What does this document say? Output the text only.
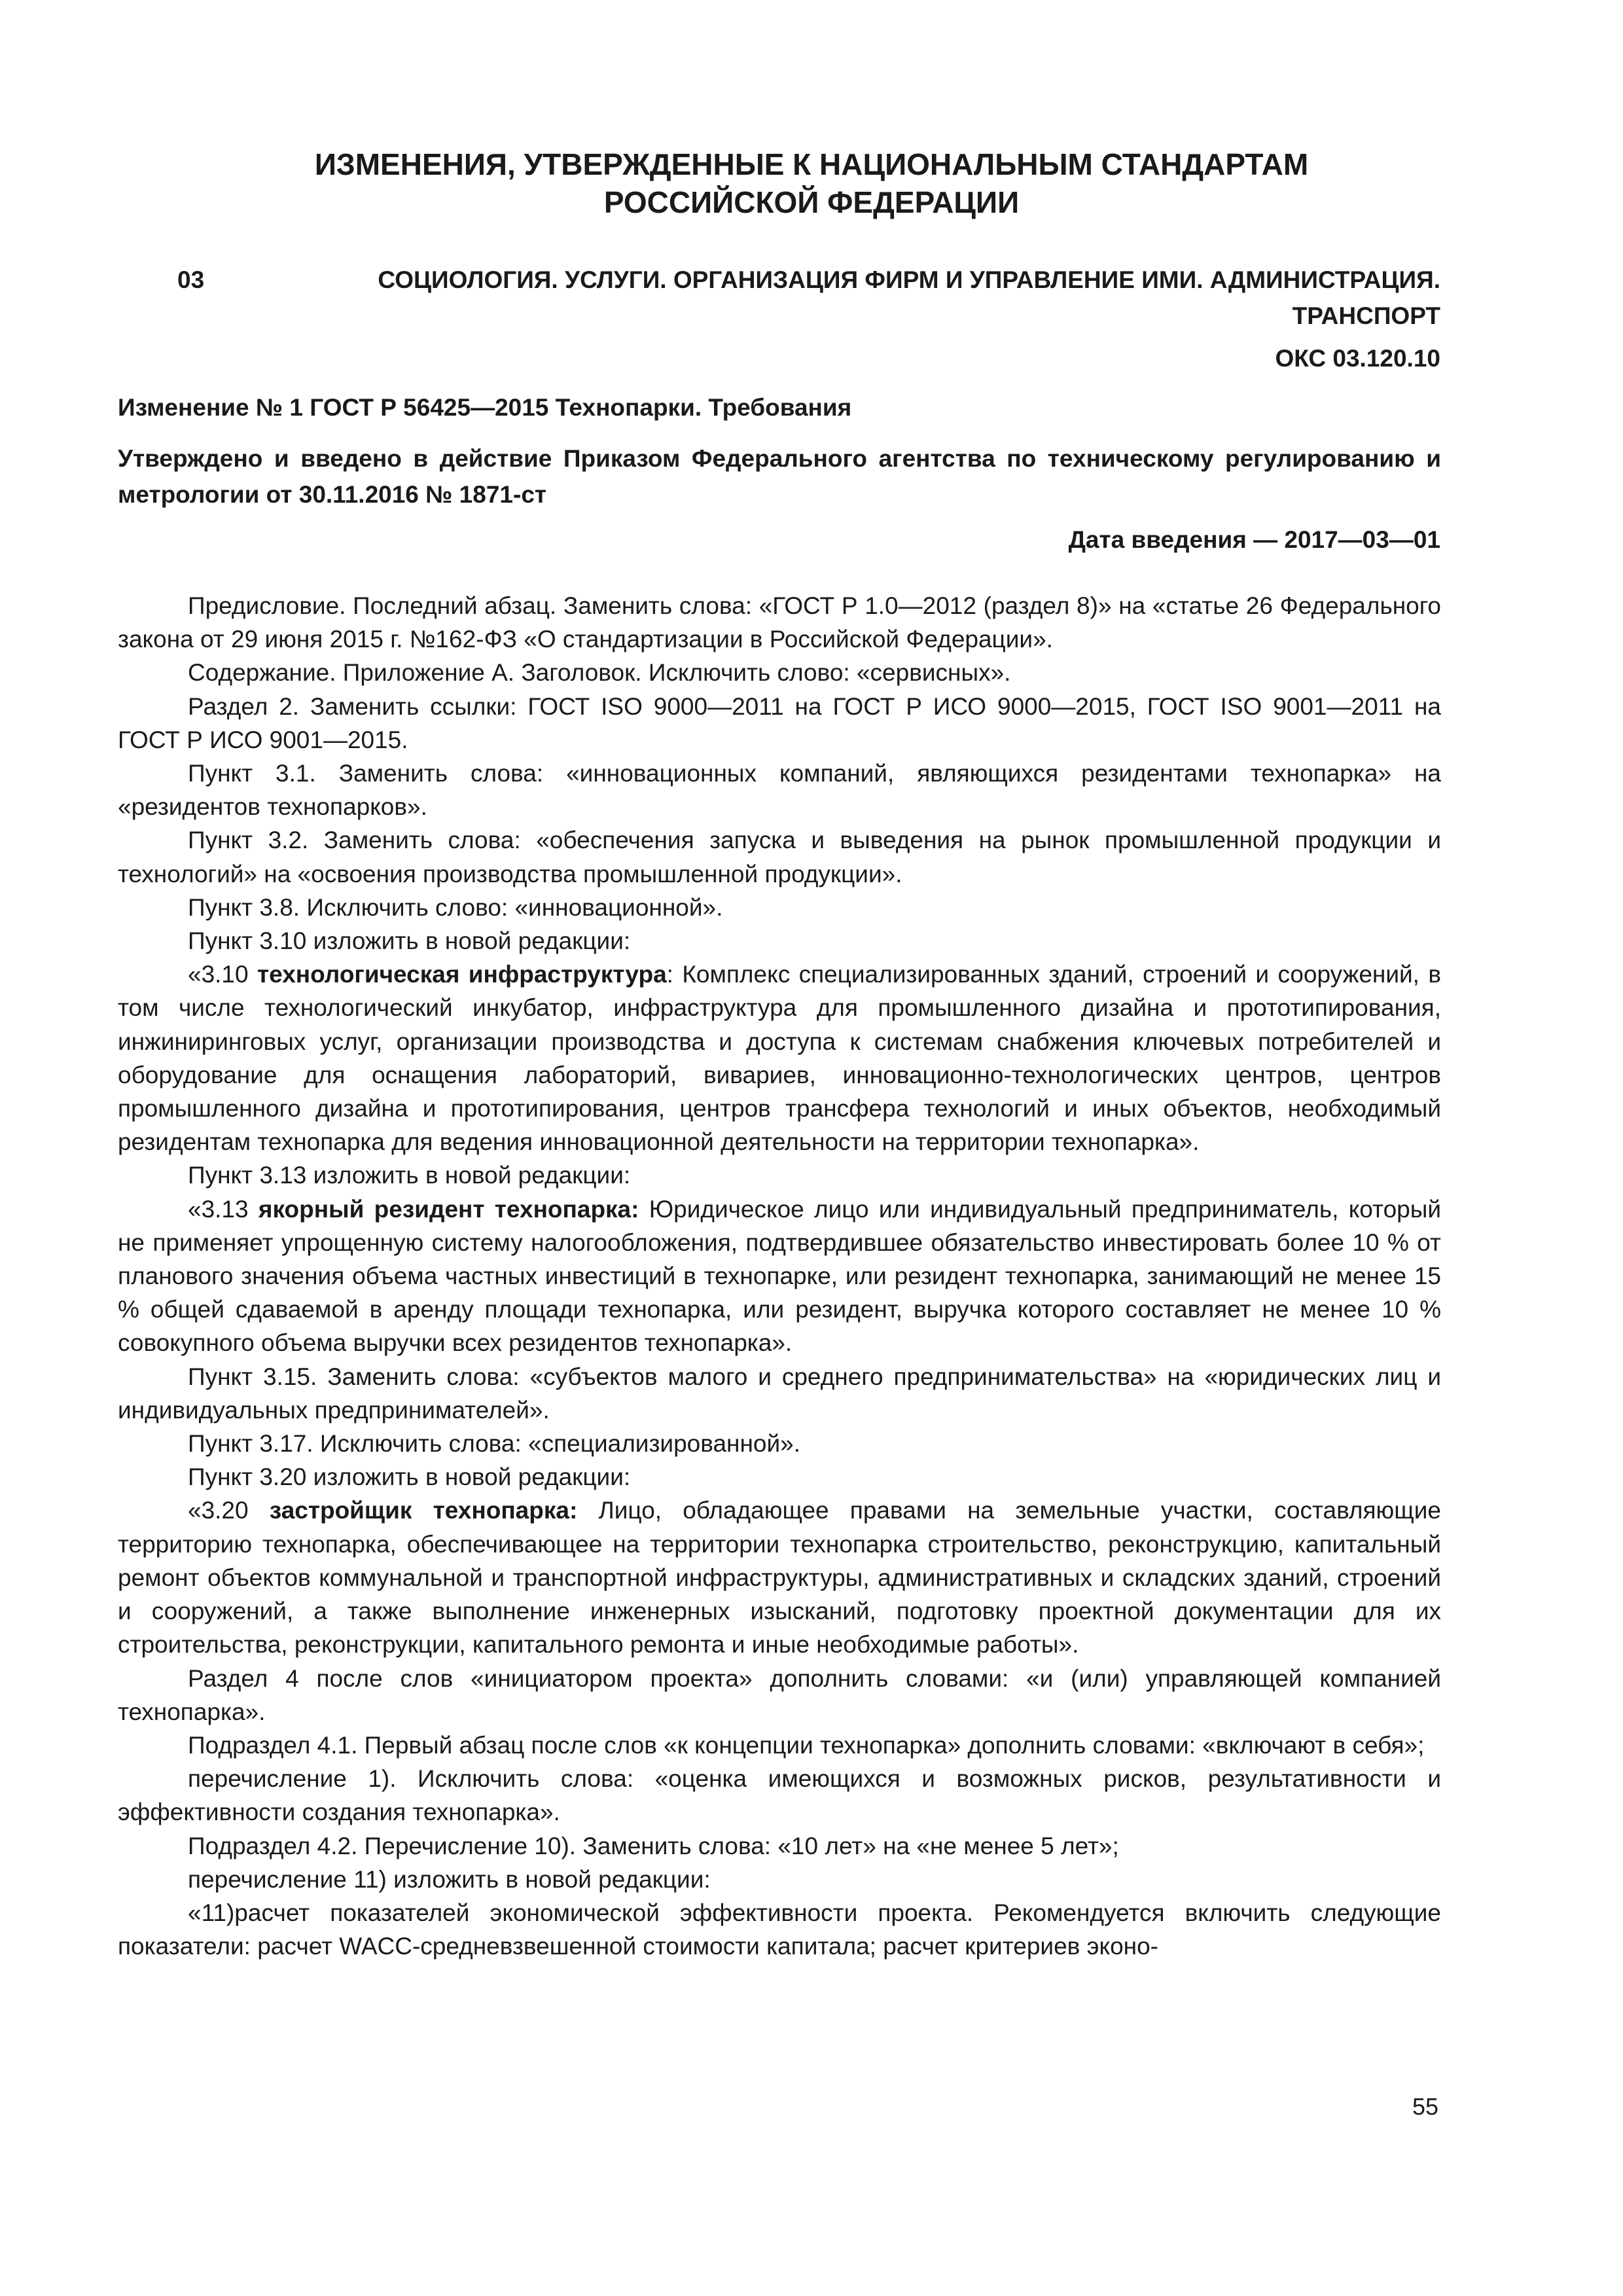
ИЗМЕНЕНИЯ, УТВЕРЖДЕННЫЕ К НАЦИОНАЛЬНЫМ СТАНДАРТАМ
РОССИЙСКОЙ ФЕДЕРАЦИИ
03	СОЦИОЛОГИЯ. УСЛУГИ. ОРГАНИЗАЦИЯ ФИРМ И УПРАВЛЕНИЕ ИМИ. АДМИНИСТРАЦИЯ.
ТРАНСПОРТ
ОКС 03.120.10
Изменение № 1 ГОСТ Р 56425—2015 Технопарки. Требования
Утверждено и введено в действие Приказом Федерального агентства по техническому регулированию и метрологии от 30.11.2016 № 1871-ст
Дата введения — 2017—03—01

Предисловие. Последний абзац. Заменить слова: «ГОСТ Р 1.0—2012 (раздел 8)» на «статье 26 Федерального закона от 29 июня 2015 г. №162-ФЗ «О стандартизации в Российской Федерации».

Содержание. Приложение А. Заголовок. Исключить слово: «сервисных».

Раздел 2. Заменить ссылки: ГОСТ ISO 9000—2011 на ГОСТ Р ИСО 9000—2015, ГОСТ ISO 9001—2011 на ГОСТ Р ИСО 9001—2015.

Пункт 3.1. Заменить слова: «инновационных компаний, являющихся резидентами технопарка» на «резидентов технопарков».

Пункт 3.2. Заменить слова: «обеспечения запуска и выведения на рынок промышленной продукции и технологий» на «освоения производства промышленной продукции».

Пункт 3.8. Исключить слово: «инновационной».

Пункт 3.10 изложить в новой редакции:

«3.10 технологическая инфраструктура: Комплекс специализированных зданий, строений и сооружений, в том числе технологический инкубатор, инфраструктура для промышленного дизайна и прототипирования, инжиниринговых услуг, организации производства и доступа к системам снабжения ключевых потребителей и оборудование для оснащения лабораторий, вивариев, инновационно-технологических центров, центров промышленного дизайна и прототипирования, центров трансфера технологий и иных объектов, необходимый резидентам технопарка для ведения инновационной деятельности на территории технопарка».

Пункт 3.13 изложить в новой редакции:

«3.13 якорный резидент технопарка: Юридическое лицо или индивидуальный предприниматель, который не применяет упрощенную систему налогообложения, подтвердившее обязательство инвестировать более 10 % от планового значения объема частных инвестиций в технопарке, или резидент технопарка, занимающий не менее 15 % общей сдаваемой в аренду площади технопарка, или резидент, выручка которого составляет не менее 10 % совокупного объема выручки всех резидентов технопарка».

Пункт 3.15. Заменить слова: «субъектов малого и среднего предпринимательства» на «юридических лиц и индивидуальных предпринимателей».

Пункт 3.17. Исключить слова: «специализированной».

Пункт 3.20 изложить в новой редакции:

«3.20 застройщик технопарка: Лицо, обладающее правами на земельные участки, составляющие территорию технопарка, обеспечивающее на территории технопарка строительство, реконструкцию, капитальный ремонт объектов коммунальной и транспортной инфраструктуры, административных и складских зданий, строений и сооружений, а также выполнение инженерных изысканий, подготовку проектной документации для их строительства, реконструкции, капитального ремонта и иные необходимые работы».

Раздел 4 после слов «инициатором проекта» дополнить словами: «и (или) управляющей компанией технопарка».

Подраздел 4.1. Первый абзац после слов «к концепции технопарка» дополнить словами: «включают в себя»;

перечисление 1). Исключить слова: «оценка имеющихся и возможных рисков, результативности и эффективности создания технопарка».

Подраздел 4.2. Перечисление 10). Заменить слова: «10 лет» на «не менее 5 лет»;

перечисление 11) изложить в новой редакции:

«11)расчет показателей экономической эффективности проекта. Рекомендуется включить следующие показатели: расчет WACC-средневзвешенной стоимости капитала; расчет критериев эконо-

55
